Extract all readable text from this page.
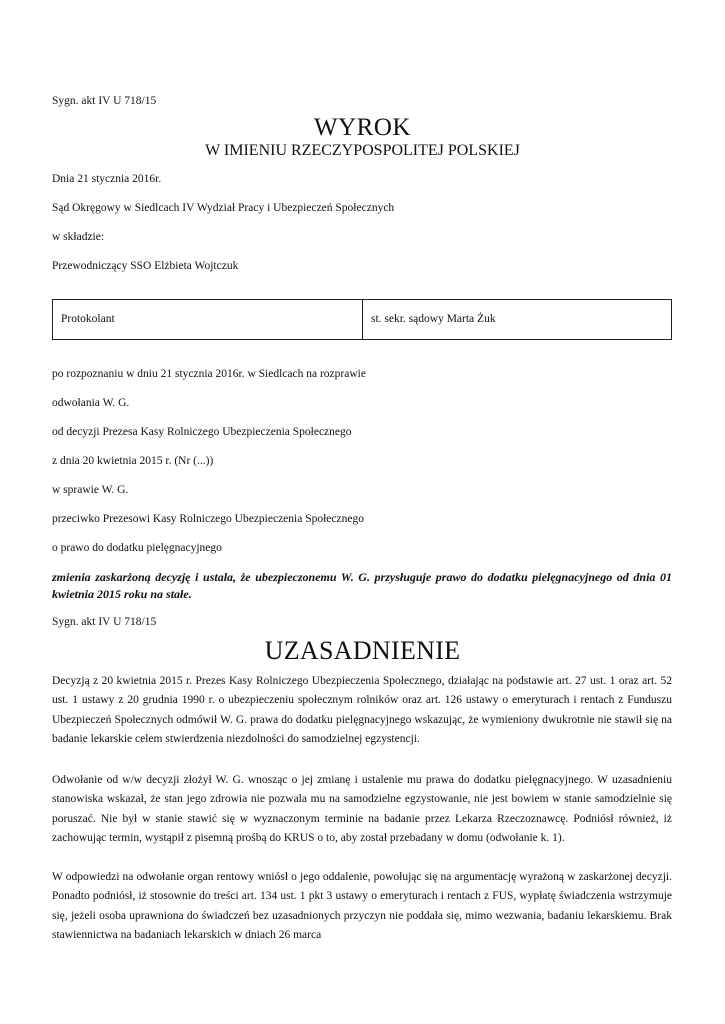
Sygn. akt IV U 718/15
WYROK
W IMIENIU RZECZYPOSPOLITEJ POLSKIEJ
Dnia 21 stycznia 2016r.
Sąd Okręgowy w Siedlcach IV Wydział Pracy i Ubezpieczeń Społecznych
w składzie:
Przewodniczący SSO Elżbieta Wojtczuk
Protokolant	st. sekr. sądowy Marta Żuk
po rozpoznaniu w dniu 21 stycznia 2016r. w Siedlcach na rozprawie
odwołania W. G.
od decyzji Prezesa Kasy Rolniczego Ubezpieczenia Społecznego
z dnia 20 kwietnia 2015 r. (Nr (...))
w sprawie W. G.
przeciwko Prezesowi Kasy Rolniczego Ubezpieczenia Społecznego
o prawo do dodatku pielęgnacyjnego
zmienia zaskarżoną decyzję i ustala, że ubezpieczonemu W. G. przysługuje prawo do dodatku pielęgnacyjnego od dnia 01 kwietnia 2015 roku na stałe.
Sygn. akt IV U 718/15
UZASADNIENIE

Decyzją z 20 kwietnia 2015 r. Prezes Kasy Rolniczego Ubezpieczenia Społecznego, działając na podstawie art. 27 ust. 1 oraz art. 52 ust. 1 ustawy z 20 grudnia 1990 r. o ubezpieczeniu społecznym rolników oraz art. 126 ustawy o emeryturach i rentach z Funduszu Ubezpieczeń Społecznych odmówił W. G. prawa do dodatku pielęgnacyjnego wskazując, że wymieniony dwukrotnie nie stawił się na badanie lekarskie celem stwierdzenia niezdolności do samodzielnej egzystencji.

Odwołanie od w/w decyzji złożył W. G. wnosząc o jej zmianę i ustalenie mu prawa do dodatku pielęgnacyjnego. W uzasadnieniu stanowiska wskazał, że stan jego zdrowia nie pozwala mu na samodzielne egzystowanie, nie jest bowiem w stanie samodzielnie się poruszać. Nie był w stanie stawić się w wyznaczonym terminie na badanie przez Lekarza Rzeczoznawcę. Podniósł również, iż zachowując termin, wystąpił z pisemną prośbą do KRUS o to, aby został przebadany w domu (odwołanie k. 1).

W odpowiedzi na odwołanie organ rentowy wniósł o jego oddalenie, powołując się na argumentację wyrażoną w zaskarżonej decyzji. Ponadto podniósł, iż stosownie do treści art. 134 ust. 1 pkt 3 ustawy o emeryturach i rentach z FUS, wypłatę świadczenia wstrzymuje się, jeżeli osoba uprawniona do świadczeń bez uzasadnionych przyczyn nie poddała się, mimo wezwania, badaniu lekarskiemu. Brak stawiennictwa na badaniach lekarskich w dniach 26 marca
